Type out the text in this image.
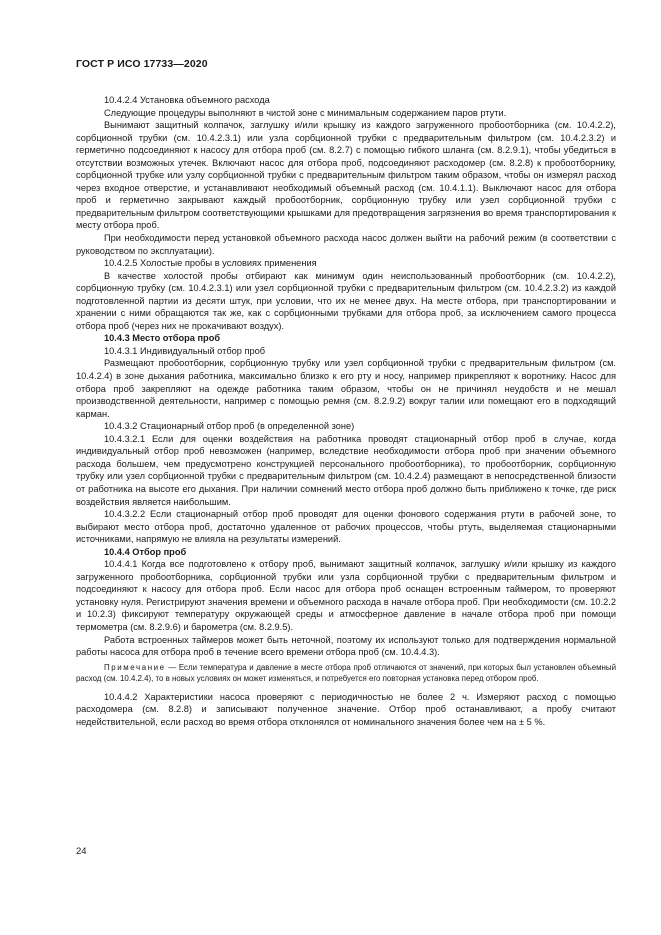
ГОСТ Р ИСО 17733—2020

10.4.2.4 Установка объемного расхода

Следующие процедуры выполняют в чистой зоне с минимальным содержанием паров ртути.

Вынимают защитный колпачок, заглушку и/или крышку из каждого загруженного пробоотборника (см. 10.4.2.2), сорбционной трубки (см. 10.4.2.3.1) или узла сорбционной трубки с предварительным фильтром (см. 10.4.2.3.2) и герметично подсоединяют к насосу для отбора проб (см. 8.2.7) с помощью гибкого шланга (см. 8.2.9.1), чтобы убедиться в отсутствии возможных утечек. Включают насос для отбора проб, подсоединяют расходомер (см. 8.2.8) к пробоотборнику, сорбционной трубке или узлу сорбционной трубки с предварительным фильтром таким образом, чтобы он измерял расход через входное отверстие, и устанавливают необходимый объемный расход (см. 10.4.1.1). Выключают насос для отбора проб и герметично закрывают каждый пробоотборник, сорбционную трубку или узел сорбционной трубки с предварительным фильтром соответствующими крышками для предотвращения загрязнения во время транспортирования к месту отбора проб.

При необходимости перед установкой объемного расхода насос должен выйти на рабочий режим (в соответствии с руководством по эксплуатации).

10.4.2.5 Холостые пробы в условиях применения

В качестве холостой пробы отбирают как минимум один неиспользованный пробоотборник (см. 10.4.2.2), сорбционную трубку (см. 10.4.2.3.1) или узел сорбционной трубки с предварительным фильтром (см. 10.4.2.3.2) из каждой подготовленной партии из десяти штук, при условии, что их не менее двух. На месте отбора, при транспортировании и хранении с ними обращаются так же, как с сорбционными трубками для отбора проб, за исключением самого процесса отбора проб (через них не прокачивают воздух).

10.4.3 Место отбора проб

10.4.3.1 Индивидуальный отбор проб

Размещают пробоотборник, сорбционную трубку или узел сорбционной трубки с предварительным фильтром (см. 10.4.2.4) в зоне дыхания работника, максимально близко к его рту и носу, например прикрепляют к воротнику. Насос для отбора проб закрепляют на одежде работника таким образом, чтобы он не причинял неудобств и не мешал производственной деятельности, например с помощью ремня (см. 8.2.9.2) вокруг талии или помещают его в подходящий карман.

10.4.3.2 Стационарный отбор проб (в определенной зоне)

10.4.3.2.1 Если для оценки воздействия на работника проводят стационарный отбор проб в случае, когда индивидуальный отбор проб невозможен (например, вследствие необходимости отбора проб при значении объемного расхода большем, чем предусмотрено конструкцией персонального пробоотборника), то пробоотборник, сорбционную трубку или узел сорбционной трубки с предварительным фильтром (см. 10.4.2.4) размещают в непосредственной близости от работника на высоте его дыхания. При наличии сомнений место отбора проб должно быть приближено к точке, где риск воздействия является наибольшим.

10.4.3.2.2 Если стационарный отбор проб проводят для оценки фонового содержания ртути в рабочей зоне, то выбирают место отбора проб, достаточно удаленное от рабочих процессов, чтобы ртуть, выделяемая стационарными источниками, напрямую не влияла на результаты измерений.

10.4.4 Отбор проб

10.4.4.1 Когда все подготовлено к отбору проб, вынимают защитный колпачок, заглушку и/или крышку из каждого загруженного пробоотборника, сорбционной трубки или узла сорбционной трубки с предварительным фильтром и подсоединяют к насосу для отбора проб. Если насос для отбора проб оснащен встроенным таймером, то проверяют установку нуля. Регистрируют значения времени и объемного расхода в начале отбора проб. При необходимости (см. 10.2.2 и 10.2.3) фиксируют температуру окружающей среды и атмосферное давление в начале отбора проб при помощи термометра (см. 8.2.9.6) и барометра (см. 8.2.9.5).

Работа встроенных таймеров может быть неточной, поэтому их используют только для подтверждения нормальной работы насоса для отбора проб в течение всего времени отбора проб (см. 10.4.4.3).

Примечание — Если температура и давление в месте отбора проб отличаются от значений, при которых был установлен объемный расход (см. 10.4.2.4), то в новых условиях он может изменяться, и потребуется его повторная установка перед отбором проб.

10.4.4.2 Характеристики насоса проверяют с периодичностью не более 2 ч. Измеряют расход с помощью расходомера (см. 8.2.8) и записывают полученное значение. Отбор проб останавливают, а пробу считают недействительной, если расход во время отбора отклонялся от номинального значения более чем на ± 5 %.

24
